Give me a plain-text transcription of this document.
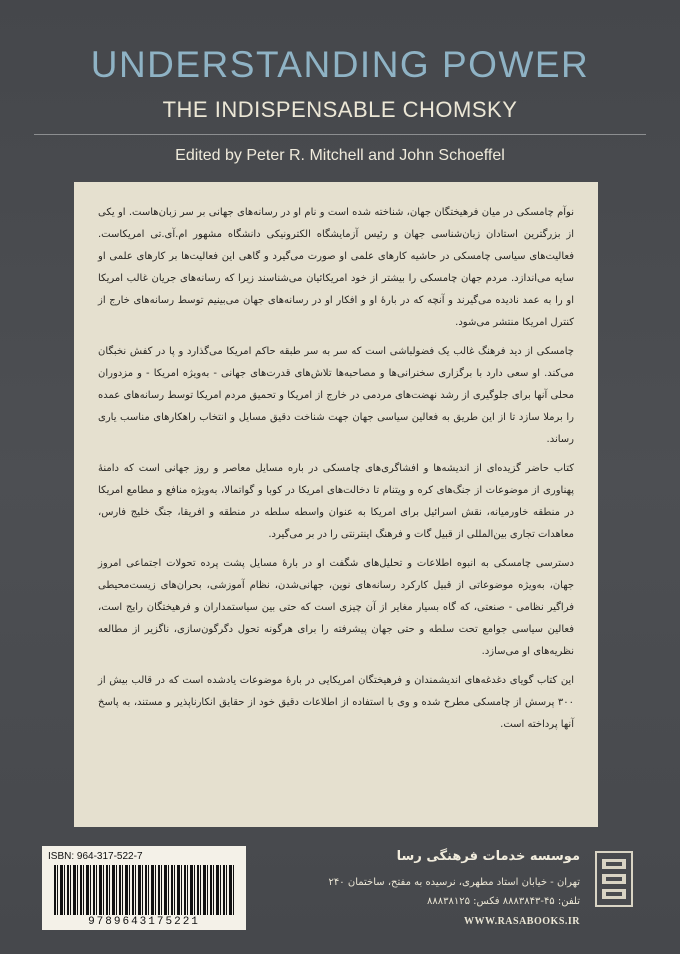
UNDERSTANDING POWER
THE INDISPENSABLE CHOMSKY
Edited by Peter R. Mitchell and John Schoeffel

نوآم چامسکی در میان فرهیختگان جهان، شناخته شده است و نام او در رسانه‌های جهانی بر سر زبان‌هاست. او یکی از بزرگترین استادان زبان‌شناسی جهان و رئیس آزمایشگاه الکترونیکی دانشگاه مشهور ام‌.آی‌.تی امریکاست. فعالیت‌های سیاسی چامسکی در حاشیه کارهای علمی او صورت می‌گیرد و گاهی این فعالیت‌ها بر کارهای علمی او سایه می‌اندازد. مردم جهان چامسکی را بیشتر از خود امریکائیان می‌شناسند زیرا که رسانه‌های جریان غالب امریکا او را به عمد نادیده می‌گیرند و آنچه که در بارهٔ او و افکار او در رسانه‌های جهان می‌بینیم توسط رسانه‌های خارج از کنترل امریکا منتشر می‌شود.

چامسکی از دید فرهنگ غالب یک فضولباشی است که سر به سر طبقه حاکم امریکا می‌گذارد و پا در کفش نخبگان می‌کند. او سعی دارد با برگزاری سخنرانی‌ها و مصاحبه‌ها تلاش‌های قدرت‌های جهانی - به‌ویژه امریکا - و مزدوران محلی آنها برای جلوگیری از رشد نهضت‌های مردمی در خارج از امریکا و تحمیق مردم امریکا توسط رسانه‌های عمده را برملا سازد تا از این طریق به فعالین سیاسی جهان جهت شناخت دقیق مسایل و انتخاب راهکارهای مناسب یاری رساند.

کتاب حاضر گزیده‌ای از اندیشه‌ها و افشاگری‌های چامسکی در باره مسایل معاصر و روز جهانی است که دامنهٔ پهناوری از موضوعات از جنگ‌های کره و ویتنام تا دخالت‌های امریکا در کوبا و گواتمالا، به‌ویژه منافع و مطامع امریکا در منطقه خاورمیانه، نقش اسرائیل برای امریکا به عنوان واسطه سلطه در منطقه و افریقا، جنگ خلیج فارس، معاهدات تجاری بین‌المللی از قبیل گات و فرهنگ اینترنتی را در بر می‌گیرد.

دسترسی چامسکی به انبوه اطلاعات و تحلیل‌های شگفت او در بارهٔ مسایل پشت پرده تحولات اجتماعی امروز جهان، به‌ویژه موضوعاتی از قبیل کارکرد رسانه‌های نوین، جهانی‌شدن، نظام آموزشی، بحران‌های زیست‌محیطی فراگیر نظامی - صنعتی، که گاه بسیار مغایر از آن چیزی است که حتی بین سیاستمداران و فرهیختگان رایج است، فعالین سیاسی جوامع تحت سلطه و حتی جهان پیشرفته را برای هرگونه تحول دگرگون‌سازی، ناگزیر از مطالعه نظریه‌های او می‌سازد.

این کتاب گویای دغدغه‌های اندیشمندان و فرهیختگان امریکایی در بارهٔ موضوعات یادشده است که در قالب بیش از ۳۰۰ پرسش از چامسکی مطرح شده و وی با استفاده از اطلاعات دقیق خود از حقایق انکارناپذیر و مستند، به پاسخ آنها پرداخته است.

ISBN: 964-317-522-7
9789643175221
موسسه خدمات فرهنگی رسا
تهران - خیابان استاد مطهری، نرسیده به مفتح، ساختمان ۲۴۰
تلفن: ۴۵-۸۸۸۳۸۴۳ فکس: ۸۸۸۳۸۱۲۵
WWW.RASABOOKS.IR
